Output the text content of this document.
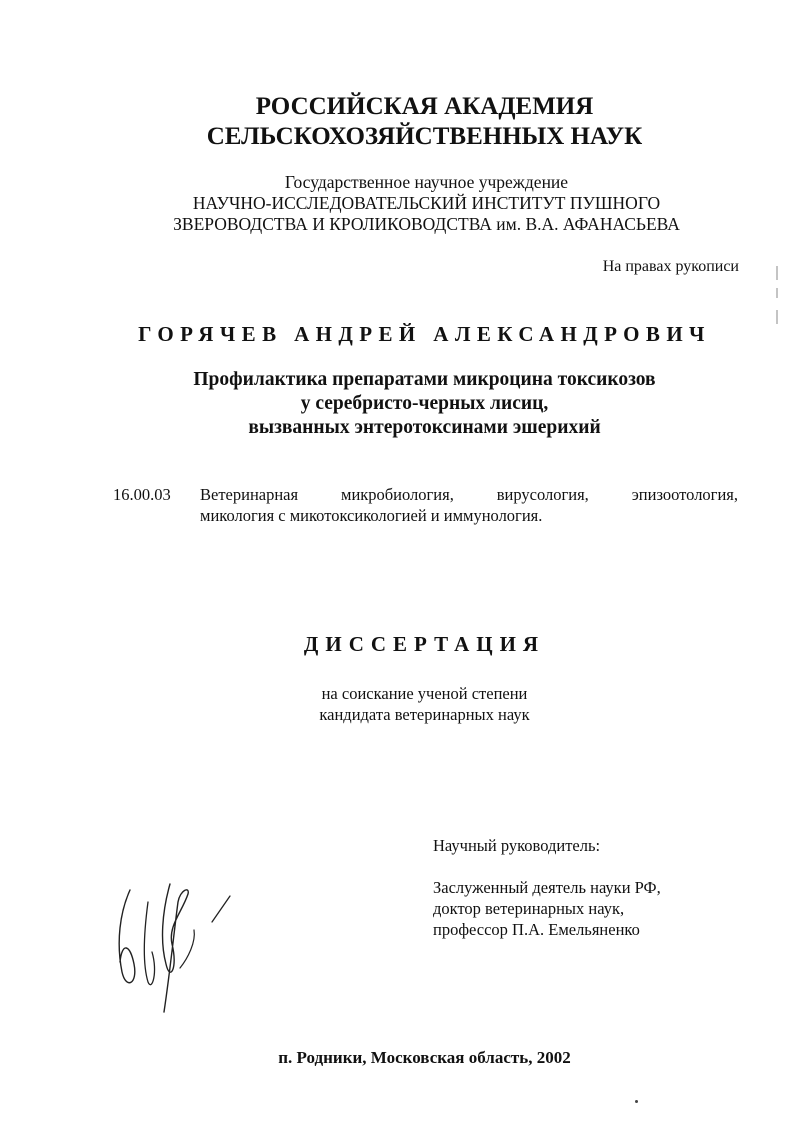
РОССИЙСКАЯ АКАДЕМИЯ
СЕЛЬСКОХОЗЯЙСТВЕННЫХ НАУК
Государственное научное учреждение
НАУЧНО-ИССЛЕДОВАТЕЛЬСКИЙ ИНСТИТУТ ПУШНОГО
ЗВЕРОВОДСТВА И КРОЛИКОВОДСТВА им. В.А. АФАНАСЬЕВА
На правах рукописи
ГОРЯЧЕВ АНДРЕЙ АЛЕКСАНДРОВИЧ
Профилактика препаратами микроцина токсикозов
у серебристо-черных лисиц,
вызванных энтеротоксинами эшерихий
16.00.03	Ветеринарная микробиология, вирусология, эпизоотология,
микология с микотоксикологией и иммунология.
ДИССЕРТАЦИЯ
на соискание ученой степени
кандидата ветеринарных наук
Научный руководитель:
Заслуженный деятель науки РФ,
доктор ветеринарных наук,
профессор П.А. Емельяненко
п. Родники, Московская область, 2002
